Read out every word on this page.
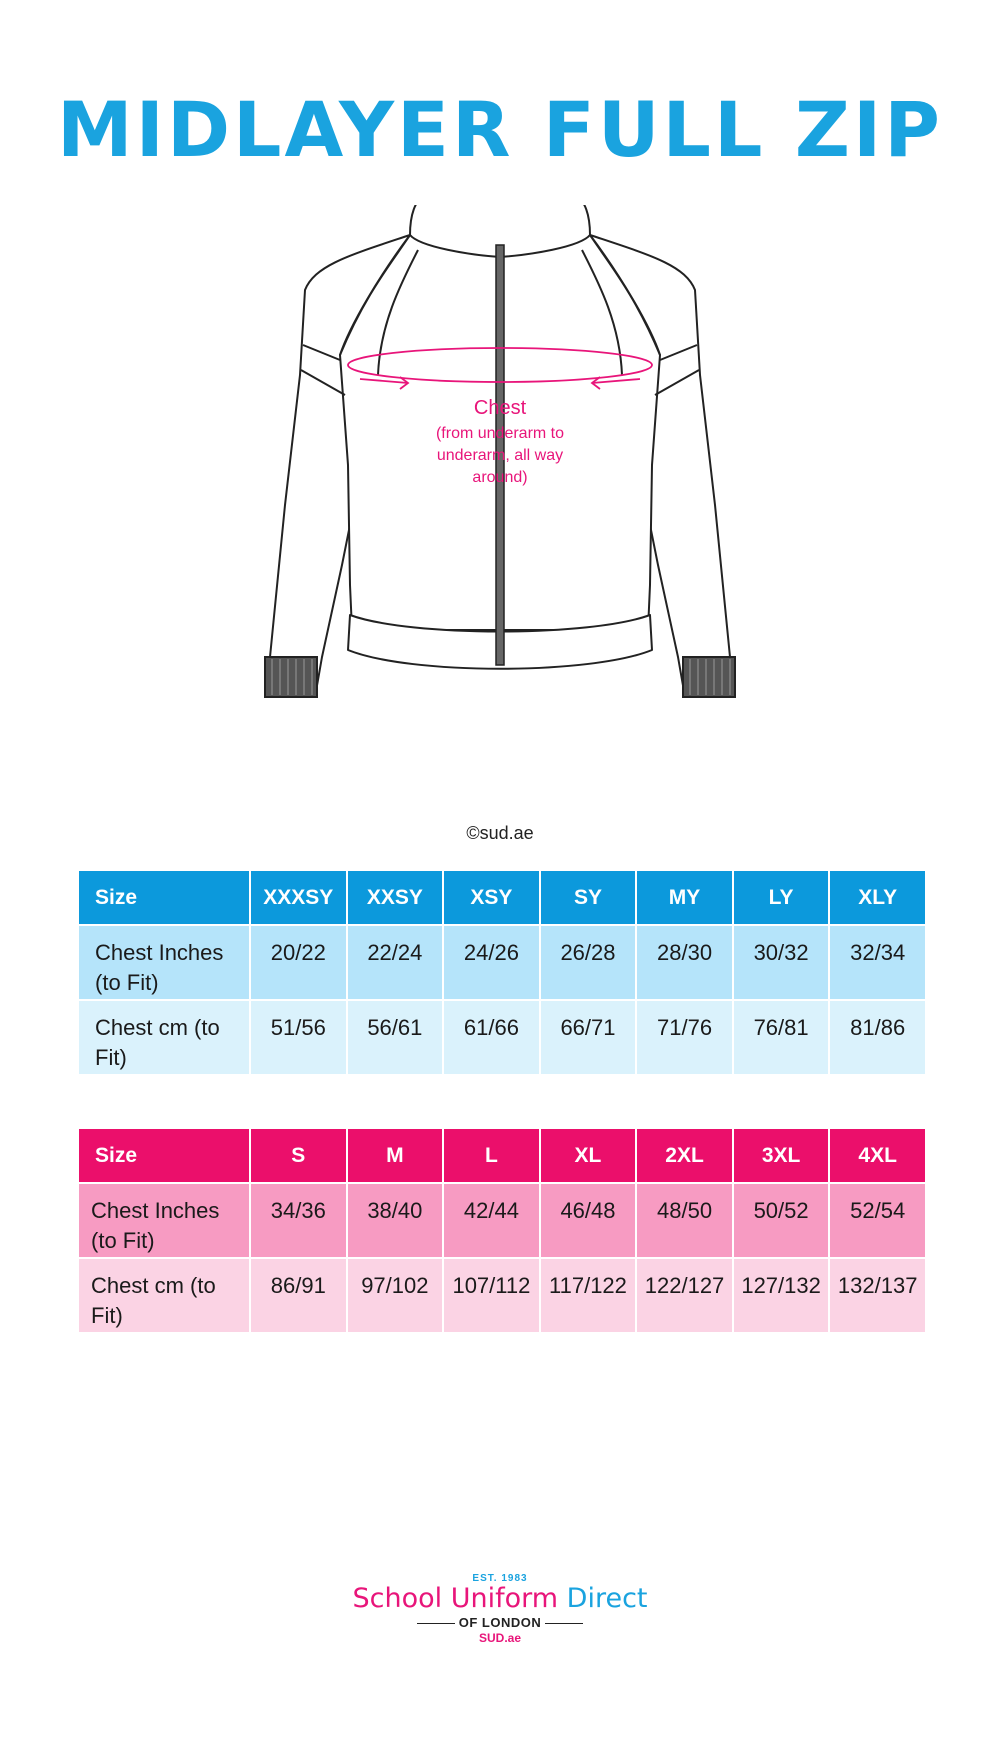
MIDLAYER FULL ZIP
Chest
(from underarm to
underarm, all way
around)
©sud.ae
Size	XXXSY	XXSY	XSY	SY	MY	LY	XLY
Chest Inches (to Fit)	20/22	22/24	24/26	26/28	28/30	30/32	32/34
Chest cm (to Fit)	51/56	56/61	61/66	66/71	71/76	76/81	81/86
Size	S	M	L	XL	2XL	3XL	4XL
Chest Inches (to Fit)	34/36	38/40	42/44	46/48	48/50	50/52	52/54
Chest cm (to Fit)	86/91	97/102	107/112	117/122	122/127	127/132	132/137
EST. 1983
School Uniform Direct
OF LONDON
SUD.ae
